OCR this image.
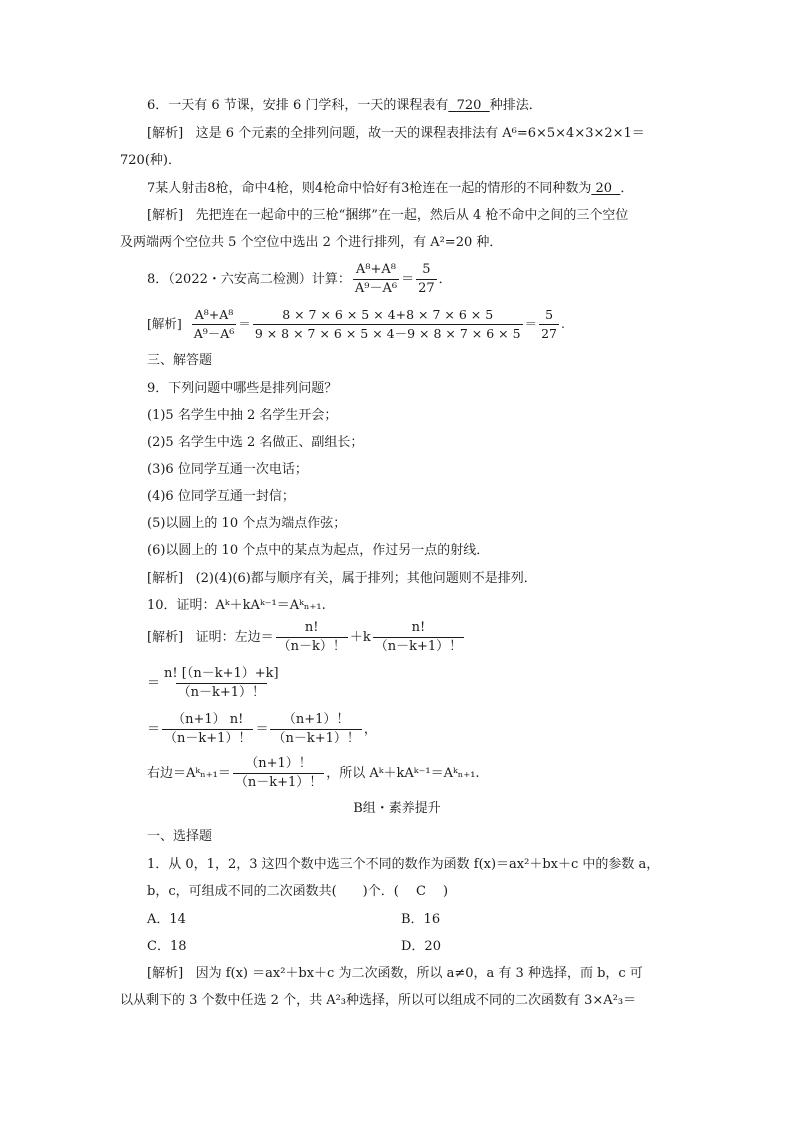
6．一天有 6 节课，安排 6 门学科，一天的课程表有 720 种排法．
[解析] 这是 6 个元素的全排列问题，故一天的课程表排法有 A⁶=6×5×4×3×2×1＝
720(种)．
7某人射击8枪，命中4枪，则4枪命中恰好有3枪连在一起的情形的不同种数为 20 ．
[解析] 先把连在一起命中的三枪“捆绑”在一起，然后从 4 枪不命中之间的三个空位
及两端两个空位共 5 个空位中选出 2 个进行排列，有 A²=20 种．
8．（2022・六安高二检测）计算： $\frac{\text{A⁸+A⁸}}{\text{A⁹－A⁶}} = \frac{5}{27}$ ．
[解析] $\frac{\text{A⁸+A⁸}}{\text{A⁹－A⁶}} = \frac{8 \times 7 \times 6 \times 5 \times 4+8 \times 7 \times 6 \times 5}{9 \times 8 \times 7 \times 6 \times 5 \times 4-9 \times 8 \times 7 \times 6 \times 5} = \frac{5}{27}$ .
三、解答题
9．下列问题中哪些是排列问题？
(1)5 名学生中抽 2 名学生开会；
(2)5 名学生中选 2 名做正、副组长；
(3)6 位同学互通一次电话；
(4)6 位同学互通一封信；
(5)以圆上的 10 个点为端点作弦；
(6)以圆上的 10 个点中的某点为起点，作过另一点的射线．
[解析] (2)(4)(6)都与顺序有关，属于排列；其他问题则不是排列．
10．证明：Aᵏ＋kAᵏ⁻¹＝Aᵏₙ₊₁.
[解析] 证明：左边＝ $\frac{n!}{(n-k)!} +k \frac{n!}{(n-k+1)!}$
＝ $\frac{n! [(n-k+1)+k]}{(n-k+1)!}$
＝ $\frac{(n+1) n!}{(n-k+1)!} = \frac{(n+1)!}{(n-k+1)!}$ ，
右边＝Aᵏₙ₊₁＝ $\frac{(n+1)!}{(n-k+1)!}$ ，所以 Aᵏ＋kAᵏ⁻¹＝Aᵏₙ₊₁.
B组・素养提升
一、选择题
1．从 0，1，2，3 这四个数中选三个不同的数作为函数 f(x)＝ax²＋bx＋c 中的参数 a，
b，c，可组成不同的二次函数共(　　)个．( 　C　 )
A．14	B．16
C．18	D．20
[解析] 因为 f(x) ＝ax²＋bx＋c 为二次函数，所以 a≠0，a 有 3 种选择，而 b，c 可
以从剩下的 3 个数中任选 2 个，共 A²₃种选择，所以可以组成不同的二次函数有 3×A²₃＝
